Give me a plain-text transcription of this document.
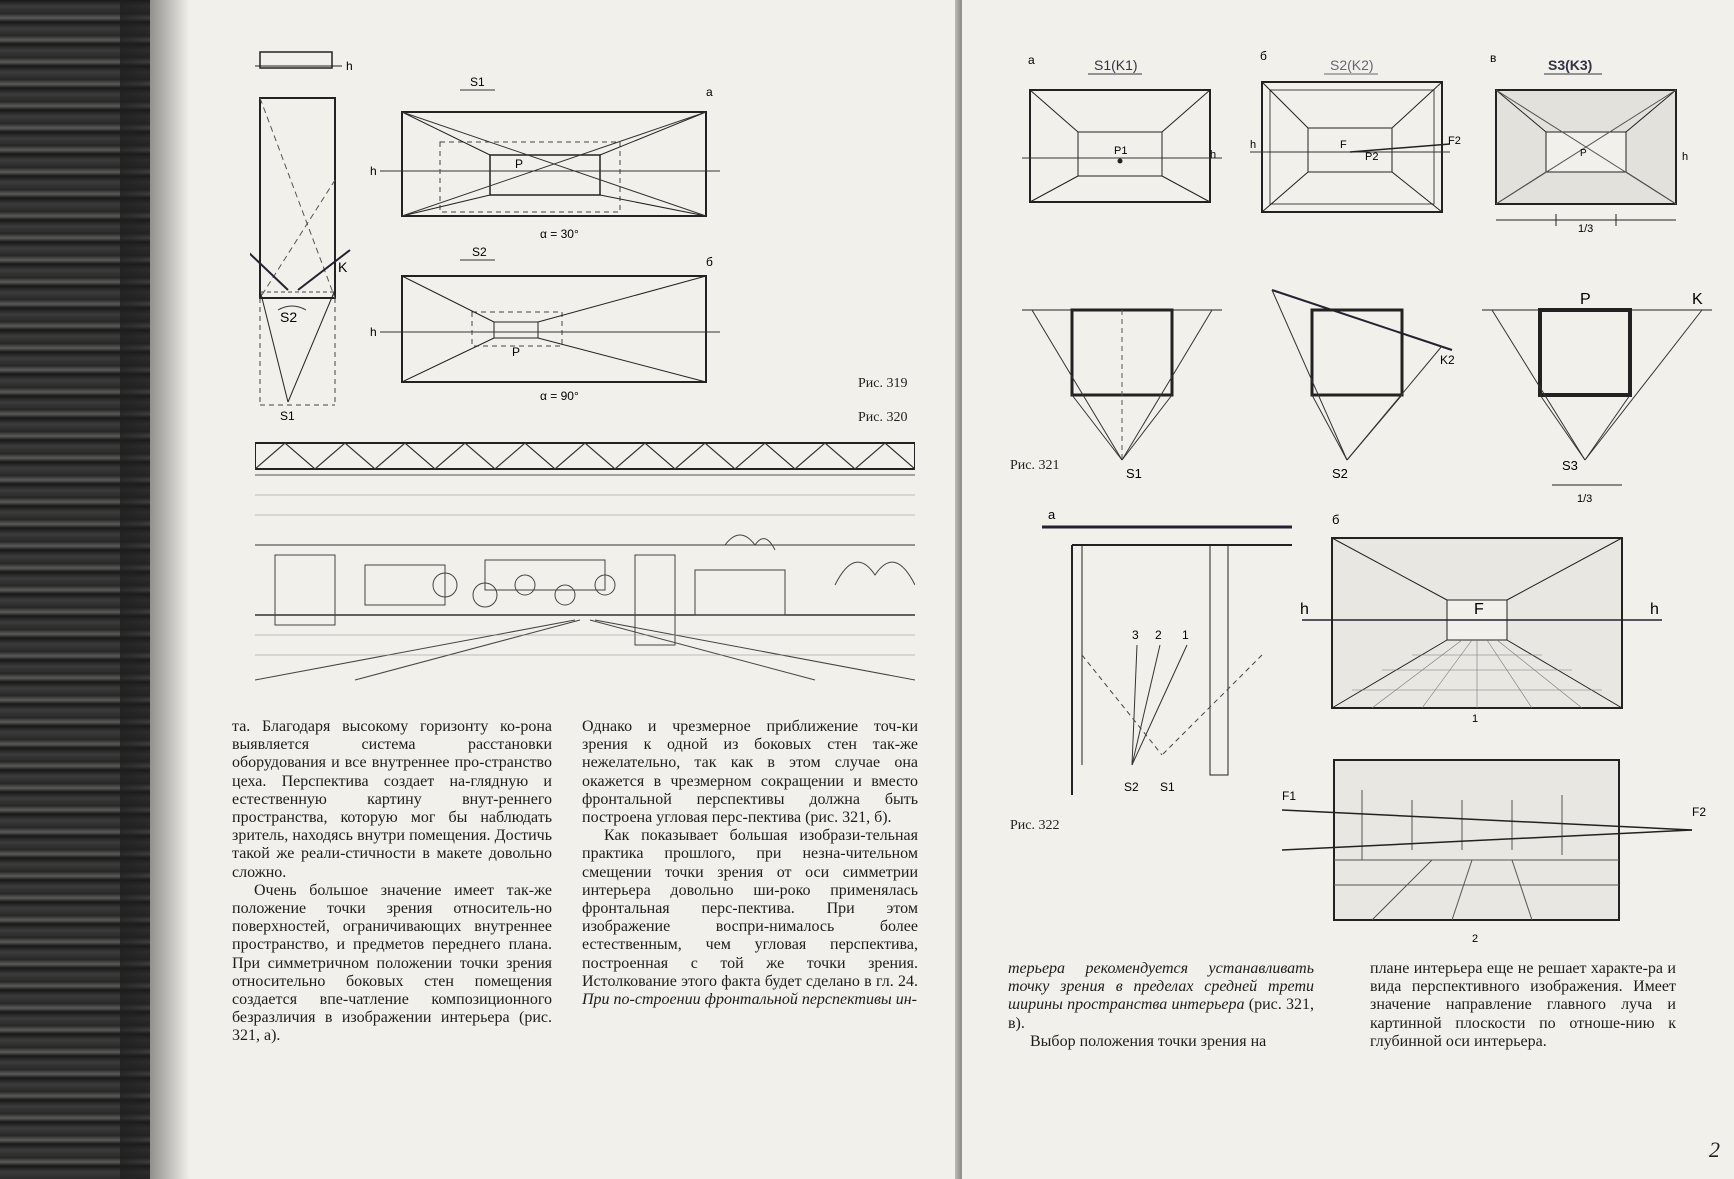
h
S2
K
S1
S1
а
h	P
α = 30°
S2
б
h
P
α = 90°
Рис. 319
Рис. 320

та. Благодаря высокому горизонту ко-рона выявляется система расстановки оборудования и все внутреннее про-странство цеха. Перспектива создает на-глядную и естественную картину внут-реннего пространства, которую мог бы наблюдать зритель, находясь внутри помещения. Достичь такой же реали-стичности в макете довольно сложно.

Очень большое значение имеет так-же положение точки зрения относитель-но поверхностей, ограничивающих внутреннее пространство, и предметов переднего плана. При симметричном положении точки зрения относительно боковых стен помещения создается впе-чатление композиционного безразличия в изображении интерьера (рис. 321, а).

Однако и чрезмерное приближение точ-ки зрения к одной из боковых стен так-же нежелательно, так как в этом случае она окажется в чрезмерном сокращении и вместо фронтальной перспективы должна быть построена угловая перс-пектива (рис. 321, б).

Как показывает большая изобрази-тельная практика прошлого, при незна-чительном смещении точки зрения от оси симметрии интерьера довольно ши-роко применялась фронтальная перс-пектива. При этом изображение воспри-нималось более естественным, чем угловая перспектива, построенная с той же точки зрения. Истолкование этого факта будет сделано в гл. 24. При по-строении фронтальной перспективы ин-

а	S1(K1)
P1	h
б
S2(K2)
F
P2
F2
h
в	S3(K3)
P	h
1/3
S1	S2
K2
P	K
S3
1/3
Рис. 321
а
3 2 1
S2 S1
Рис. 322
б
h	h
F
1
F1
F2
2

терьера рекомендуется устанавливать точку зрения в пределах средней трети ширины пространства интерьера (рис. 321, в).

Выбор положения точки зрения на

плане интерьера еще не решает характе-ра и вида перспективного изображения. Имеет значение направление главного луча и картинной плоскости по отноше-нию к глубинной оси интерьера.

2
